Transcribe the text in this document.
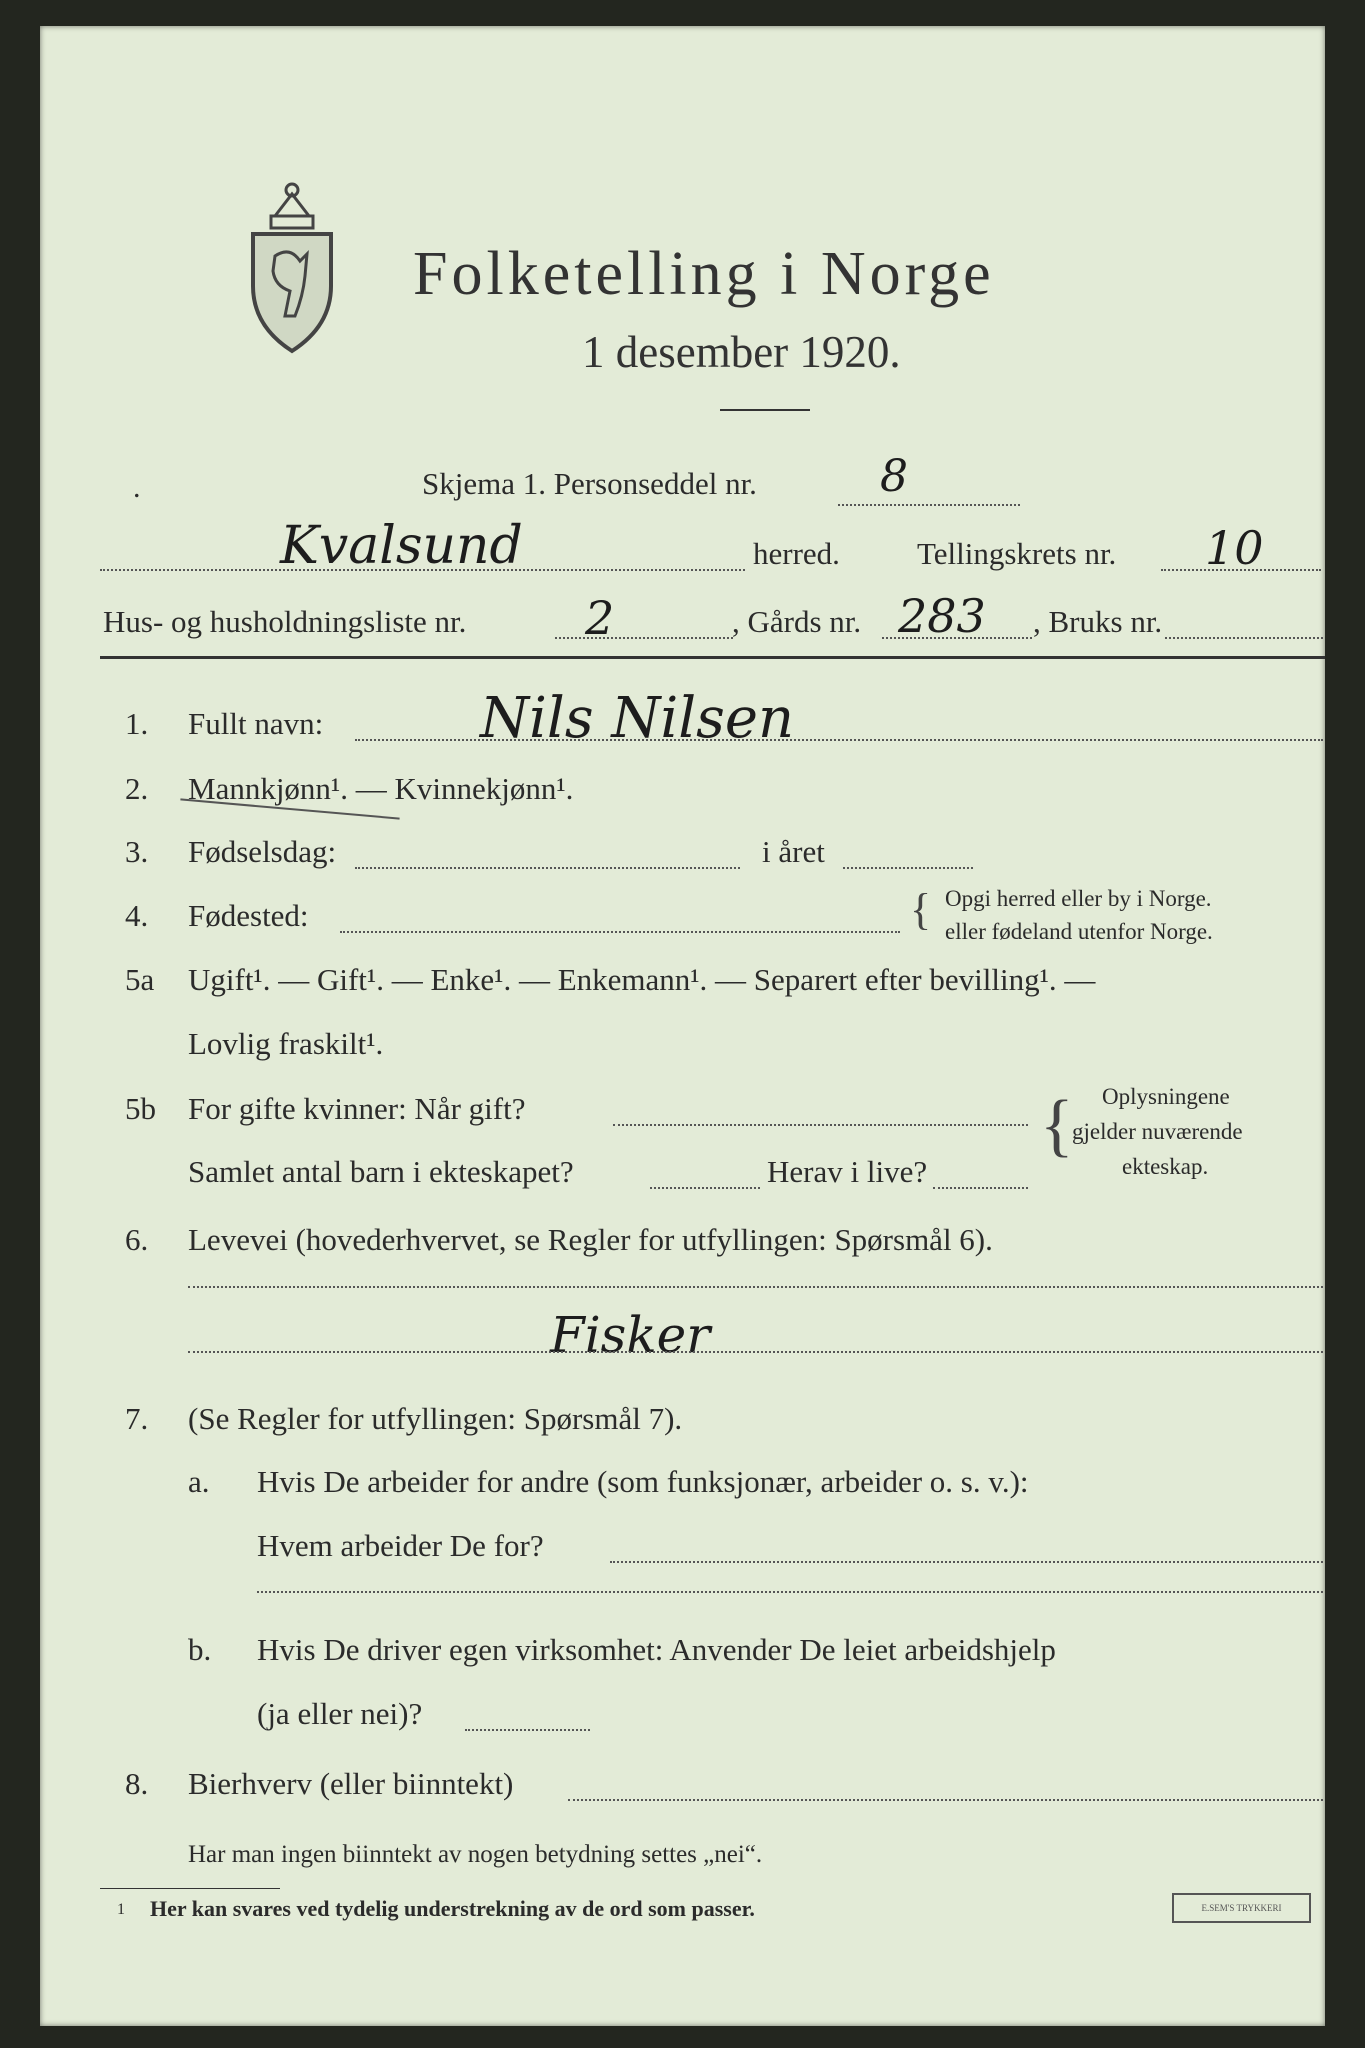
Folketelling i Norge
1 desember 1920.
.	Skjema 1. Personseddel nr.	8
Kvalsund	herred. Tellingskrets nr. 10
Hus- og husholdningsliste nr.	2	, Gårds nr. 283 , Bruks nr.
1. Fullt navn:	Nils Nilsen
2. Mannkjønn¹. — Kvinnekjønn¹.
3. Fødselsdag:	i året
4. Fødested:	{ Opgi herred eller by i Norge.
eller fødeland utenfor Norge.
5a Ugift¹. — Gift¹. — Enke¹. — Enkemann¹. — Separert efter bevilling¹. —
Lovlig fraskilt¹.
5b For gifte kvinner: Når gift?
Samlet antal barn i ekteskapet?	Herav i live?
{ Oplysningene
gjelder nuværende
ekteskap.
6. Levevei (hovederhvervet, se Regler for utfyllingen: Spørsmål 6).
Fisker
7. (Se Regler for utfyllingen: Spørsmål 7).
a. Hvis De arbeider for andre (som funksjonær, arbeider o. s. v.):
Hvem arbeider De for?
b. Hvis De driver egen virksomhet: Anvender De leiet arbeidshjelp
(ja eller nei)?
8. Bierhverv (eller biinntekt)
Har man ingen biinntekt av nogen betydning settes „nei“.
1 Her kan svares ved tydelig understrekning av de ord som passer.	E.SEM'S TRYKKERI
